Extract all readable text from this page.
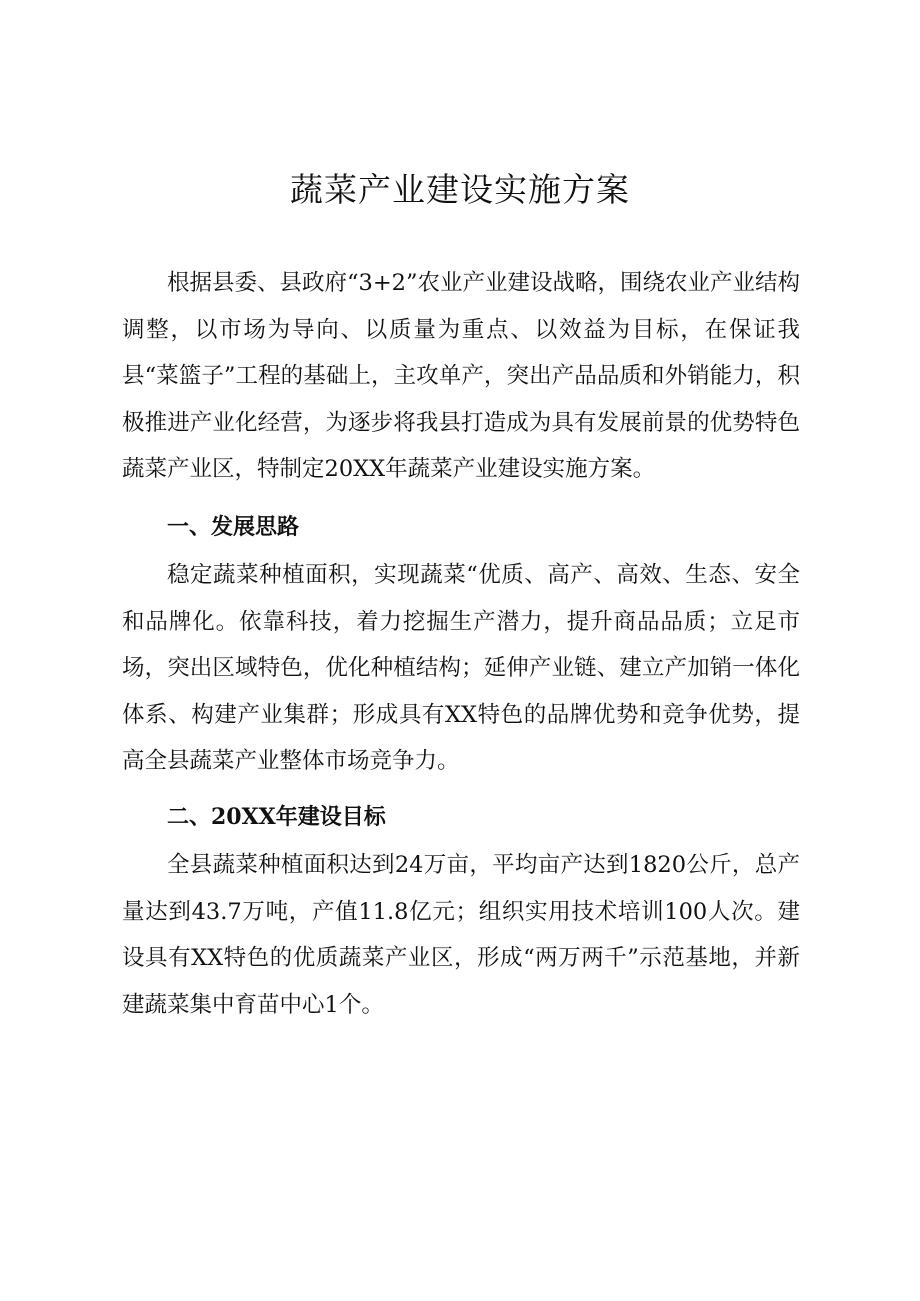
蔬菜产业建设实施方案

根据县委、县政府“3+2”农业产业建设战略，围绕农业产业结构调整，以市场为导向、以质量为重点、以效益为目标，在保证我县“菜篮子”工程的基础上，主攻单产，突出产品品质和外销能力，积极推进产业化经营，为逐步将我县打造成为具有发展前景的优势特色蔬菜产业区，特制定20XX年蔬菜产业建设实施方案。

一、发展思路

稳定蔬菜种植面积，实现蔬菜“优质、高产、高效、生态、安全和品牌化。依靠科技，着力挖掘生产潜力，提升商品品质；立足市场，突出区域特色，优化种植结构；延伸产业链、建立产加销一体化体系、构建产业集群；形成具有XX特色的品牌优势和竞争优势，提高全县蔬菜产业整体市场竞争力。

二、20XX年建设目标

全县蔬菜种植面积达到24万亩，平均亩产达到1820公斤，总产量达到43.7万吨，产值11.8亿元；组织实用技术培训100人次。建设具有XX特色的优质蔬菜产业区，形成“两万两千”示范基地，并新建蔬菜集中育苗中心1个。
